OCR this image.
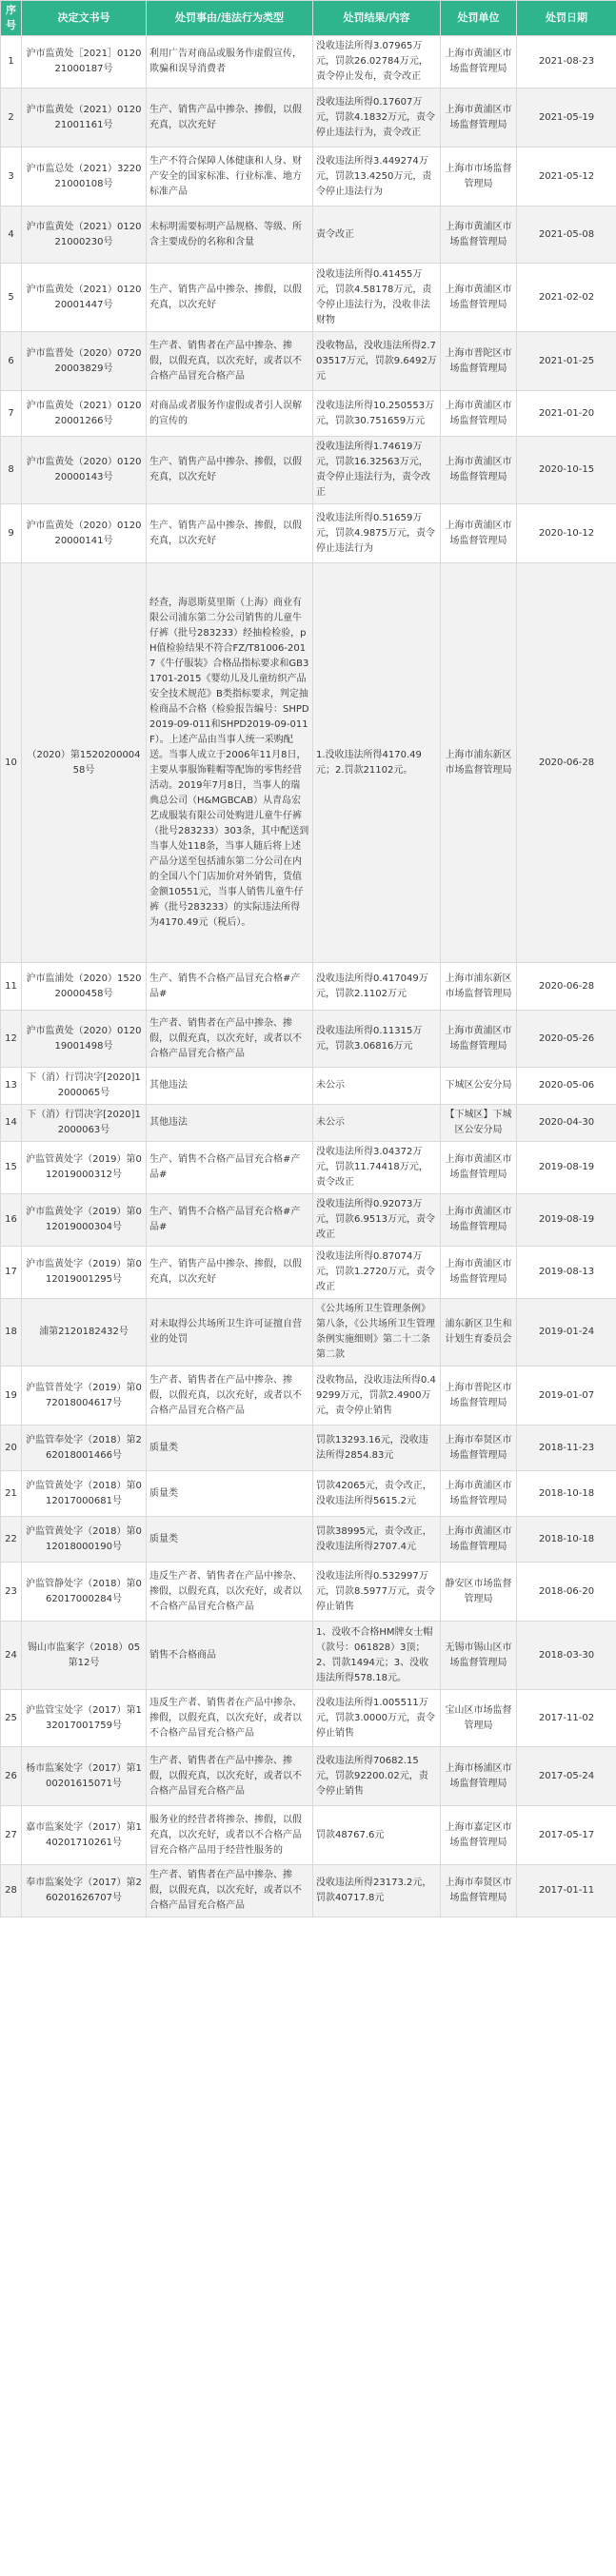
序号	决定文书号	处罚事由/违法行为类型	处罚结果/内容	处罚单位	处罚日期
1	沪市监黄处［2021］012021000187号	利用广告对商品或服务作虚假宣传，欺骗和误导消费者	没收违法所得3.07965万元，罚款26.02784万元，责令停止发布，责令改正	上海市黄浦区市场监督管理局	2021-08-23
2	沪市监黄处（2021）012021001161号	生产、销售产品中掺杂、掺假，以假充真，以次充好	没收违法所得0.17607万元，罚款4.1832万元，责令停止违法行为，责令改正	上海市黄浦区市场监督管理局	2021-05-19
3	沪市监总处（2021）322021000108号	生产不符合保障人体健康和人身、财产安全的国家标准、行业标准、地方标准产品	没收违法所得3.449274万元，罚款13.4250万元，责令停止违法行为	上海市市场监督管理局	2021-05-12
4	沪市监黄处（2021）012021000230号	未标明需要标明产品规格、等级、所含主要成份的名称和含量	责令改正	上海市黄浦区市场监督管理局	2021-05-08
5	沪市监黄处（2021）012020001447号	生产、销售产品中掺杂、掺假，以假充真，以次充好	没收违法所得0.41455万元，罚款4.58178万元，责令停止违法行为，没收非法财物	上海市黄浦区市场监督管理局	2021-02-02
6	沪市监普处（2020）072020003829号	生产者、销售者在产品中掺杂、掺假，以假充真，以次充好，或者以不合格产品冒充合格产品	没收物品，没收违法所得2.703517万元，罚款9.6492万元	上海市普陀区市场监督管理局	2021-01-25
7	沪市监黄处（2021）012020001266号	对商品或者服务作虚假或者引人误解的宣传的	没收违法所得10.250553万元，罚款30.751659万元	上海市黄浦区市场监督管理局	2021-01-20
8	沪市监黄处（2020）012020000143号	生产、销售产品中掺杂、掺假，以假充真，以次充好	没收违法所得1.74619万元，罚款16.32563万元，责令停止违法行为，责令改正	上海市黄浦区市场监督管理局	2020-10-15
9	沪市监黄处（2020）012020000141号	生产、销售产品中掺杂、掺假，以假充真，以次充好	没收违法所得0.51659万元，罚款4.9875万元，责令停止违法行为	上海市黄浦区市场监督管理局	2020-10-12
10	（2020）第152020000458号	经查，海恩斯莫里斯（上海）商业有限公司浦东第二分公司销售的儿童牛仔裤（批号283233）经抽检检验，pH值检验结果不符合FZ/T81006-2017《牛仔服装》合格品指标要求和GB31701-2015《婴幼儿及儿童纺织产品安全技术规范》B类指标要求，判定抽检商品不合格（检验报告编号：SHPD2019-09-011和SHPD2019-09-011F）。上述产品由当事人统一采购配送。当事人成立于2006年11月8日，主要从事服饰鞋帽等配饰的零售经营活动。2019年7月8日，当事人的瑞典总公司（H&MGBCAB）从青岛宏艺成服装有限公司处购进儿童牛仔裤（批号283233）303条，其中配送到当事人处118条，当事人随后将上述产品分送至包括浦东第二分公司在内的全国八个门店加价对外销售，货值金额10551元，当事人销售儿童牛仔裤（批号283233）的实际违法所得为4170.49元（税后）。	1.没收违法所得4170.49元；2.罚款21102元。	上海市浦东新区市场监督管理局	2020-06-28
11	沪市监浦处（2020）152020000458号	生产、销售不合格产品冒充合格#产品#	没收违法所得0.417049万元，罚款2.1102万元	上海市浦东新区市场监督管理局	2020-06-28
12	沪市监黄处（2020）012019001498号	生产者、销售者在产品中掺杂、掺假，以假充真，以次充好，或者以不合格产品冒充合格产品	没收违法所得0.11315万元，罚款3.06816万元	上海市黄浦区市场监督管理局	2020-05-26
13	下（消）行罚决字[2020]12000065号	其他违法	未公示	下城区公安分局	2020-05-06
14	下（消）行罚决字[2020]12000063号	其他违法	未公示	【下城区】下城区公安分局	2020-04-30
15	沪监管黄处字（2019）第012019000312号	生产、销售不合格产品冒充合格#产品#	没收违法所得3.04372万元，罚款11.74418万元，责令改正	上海市黄浦区市场监督管理局	2019-08-19
16	沪市监黄处字（2019）第012019000304号	生产、销售不合格产品冒充合格#产品#	没收违法所得0.92073万元，罚款6.9513万元，责令改正	上海市黄浦区市场监督管理局	2019-08-19
17	沪市监黄处字（2019）第012019001295号	生产、销售产品中掺杂、掺假，以假充真，以次充好	没收违法所得0.87074万元，罚款1.2720万元，责令改正	上海市黄浦区市场监督管理局	2019-08-13
18	浦第2120182432号	对未取得公共场所卫生许可证擅自营业的处罚	《公共场所卫生管理条例》第八条，《公共场所卫生管理条例实施细则》第二十二条第二款	浦东新区卫生和计划生育委员会	2019-01-24
19	沪监管普处字（2019）第072018004617号	生产者、销售者在产品中掺杂、掺假，以假充真，以次充好，或者以不合格产品冒充合格产品	没收物品，没收违法所得0.49299万元，罚款2.4900万元，责令停止销售	上海市普陀区市场监督管理局	2019-01-07
20	沪监管奉处字（2018）第262018001466号	质量类	罚款13293.16元，没收违法所得2854.83元	上海市奉贤区市场监督管理局	2018-11-23
21	沪监管黄处字（2018）第012017000681号	质量类	罚款42065元，责令改正，没收违法所得5615.2元	上海市黄浦区市场监督管理局	2018-10-18
22	沪监管黄处字（2018）第012018000190号	质量类	罚款38995元，责令改正，没收违法所得2707.4元	上海市黄浦区市场监督管理局	2018-10-18
23	沪监管静处字（2018）第062017000284号	违反生产者、销售者在产品中掺杂、掺假，以假充真，以次充好，或者以不合格产品冒充合格产品	没收违法所得0.532997万元，罚款8.5977万元，责令停止销售	静安区市场监督管理局	2018-06-20
24	锡山市监案字（2018）05第12号	销售不合格商品	1、没收不合格HM牌女士帽（款号：061828）3顶；2、罚款1494元；3、没收违法所得578.18元。	无锡市锡山区市场监督管理局	2018-03-30
25	沪监管宝处字（2017）第132017001759号	违反生产者、销售者在产品中掺杂、掺假，以假充真，以次充好，或者以不合格产品冒充合格产品	没收违法所得1.005511万元，罚款3.0000万元，责令停止销售	宝山区市场监督管理局	2017-11-02
26	杨市监案处字（2017）第100201615071号	生产者、销售者在产品中掺杂、掺假，以假充真，以次充好，或者以不合格产品冒充合格产品	没收违法所得70682.15元，罚款92200.02元，责令停止销售	上海市杨浦区市场监督管理局	2017-05-24
27	嘉市监案处字（2017）第140201710261号	服务业的经营者将掺杂、掺假，以假充真，以次充好，或者以不合格产品冒充合格产品用于经营性服务的	罚款48767.6元	上海市嘉定区市场监督管理局	2017-05-17
28	奉市监案处字（2017）第260201626707号	生产者、销售者在产品中掺杂、掺假，以假充真，以次充好，或者以不合格产品冒充合格产品	没收违法所得23173.2元，罚款40717.8元	上海市奉贤区市场监督管理局	2017-01-11
